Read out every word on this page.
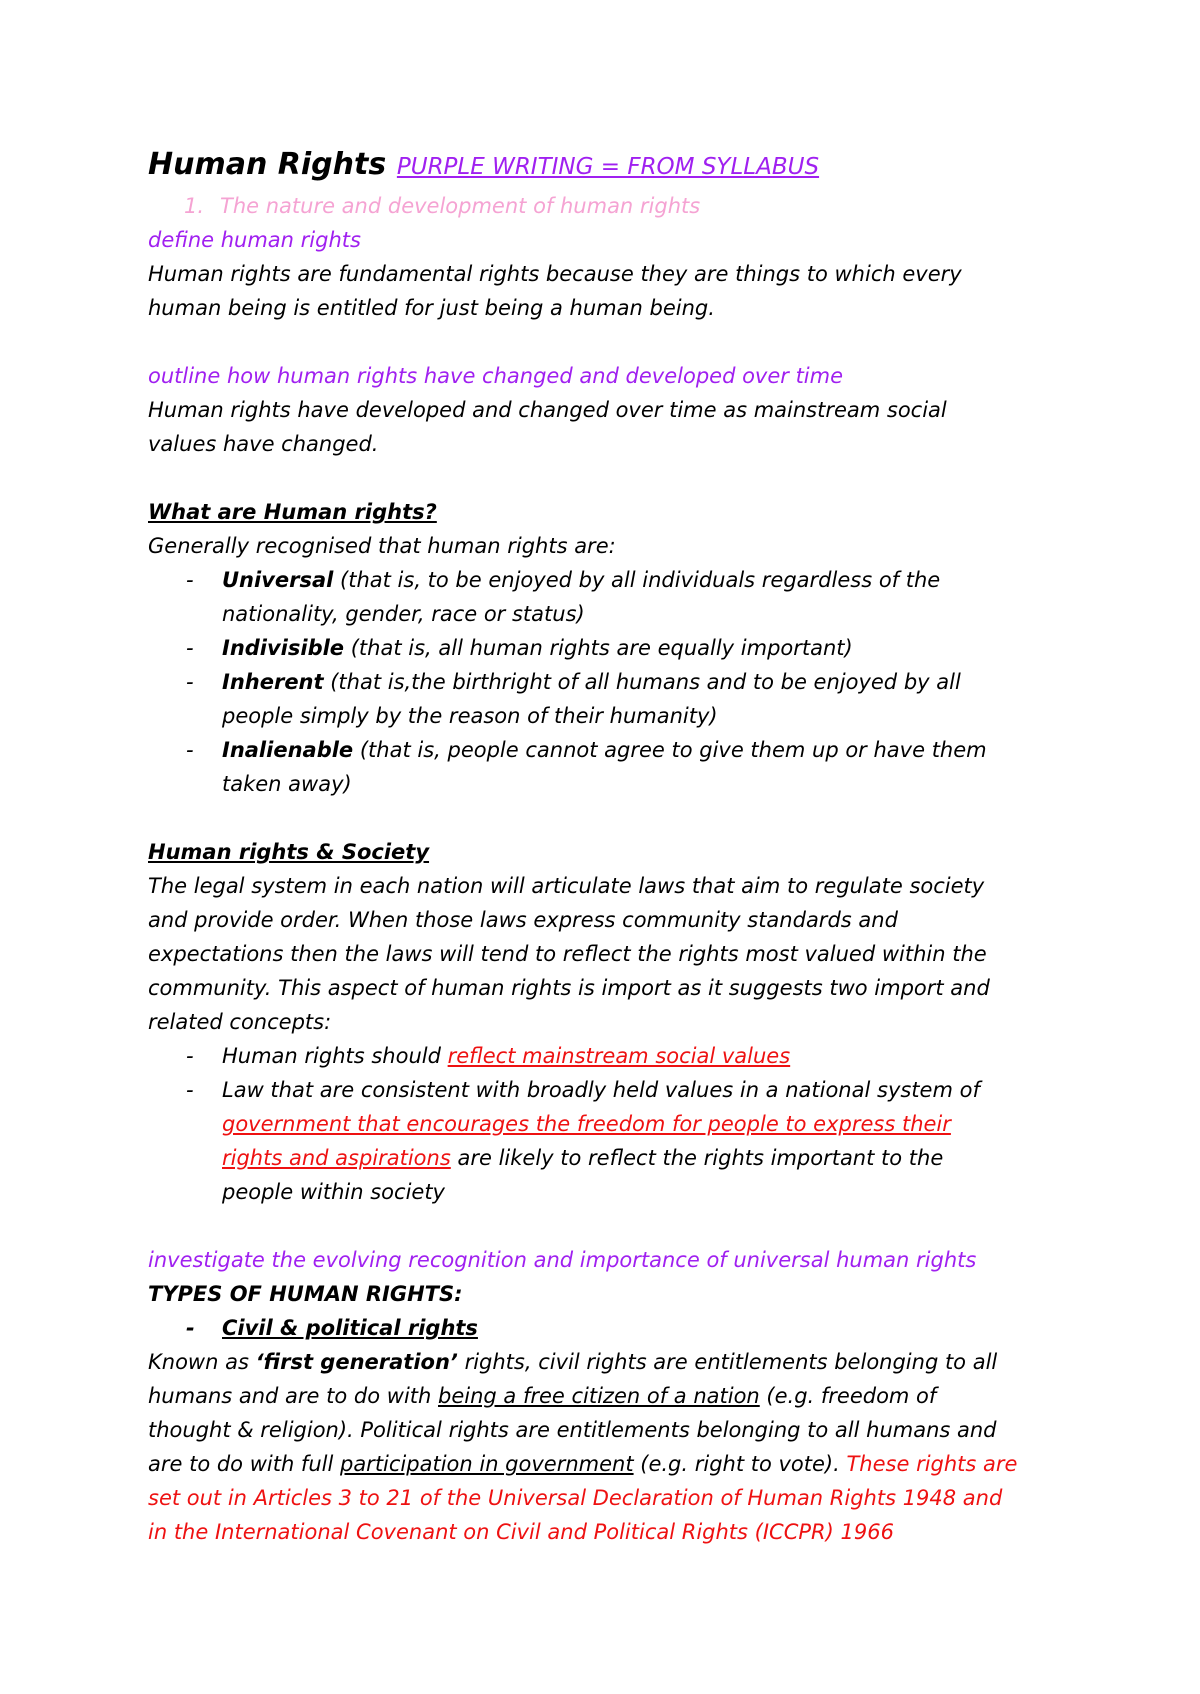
Human Rights PURPLE WRITING = FROM SYLLABUS

1. The nature and development of human rights

define human rights

Human rights are fundamental rights because they are things to which every

human being is entitled for just being a human being.

outline how human rights have changed and developed over time

Human rights have developed and changed over time as mainstream social

values have changed.

What are Human rights?

Generally recognised that human rights are:

-	Universal (that is, to be enjoyed by all individuals regardless of the

nationality, gender, race or status)

-	Indivisible (that is, all human rights are equally important)

-	Inherent (that is,the birthright of all humans and to be enjoyed by all

people simply by the reason of their humanity)

-	Inalienable (that is, people cannot agree to give them up or have them

taken away)

Human rights & Society

The legal system in each nation will articulate laws that aim to regulate society

and provide order. When those laws express community standards and

expectations then the laws will tend to reflect the rights most valued within the

community. This aspect of human rights is import as it suggests two import and

related concepts:

-	Human rights should reflect mainstream social values

-	Law that are consistent with broadly held values in a national system of

government that encourages the freedom for people to express their

rights and aspirations are likely to reflect the rights important to the

people within society

investigate the evolving recognition and importance of universal human rights

TYPES OF HUMAN RIGHTS:

-	Civil & political rights

Known as ‘first generation’ rights, civil rights are entitlements belonging to all

humans and are to do with being a free citizen of a nation (e.g. freedom of

thought & religion). Political rights are entitlements belonging to all humans and

are to do with full participation in government (e.g. right to vote). These rights are

set out in Articles 3 to 21 of the Universal Declaration of Human Rights 1948 and

in the International Covenant on Civil and Political Rights (ICCPR) 1966
